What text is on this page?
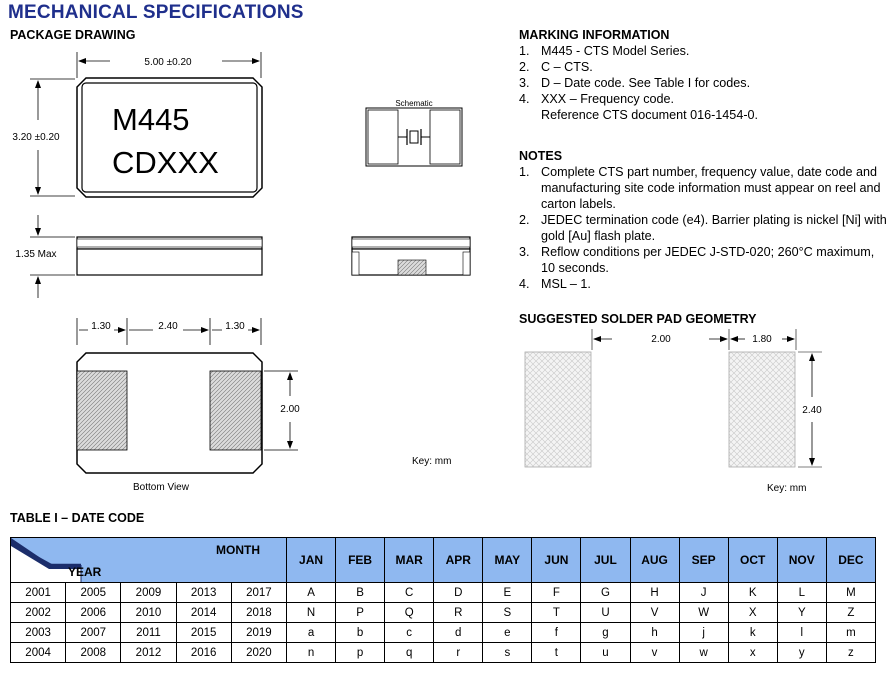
MECHANICAL SPECIFICATIONS
PACKAGE DRAWING
5.00 ±0.20
3.20 ±0.20
M445
CDXXX
Schematic
1.35 Max
1.30	2.40	1.30
2.00
Bottom View
Key: mm
MARKING INFORMATION
1. M445 - CTS Model Series.
2. C – CTS.
3. D – Date code. See Table I for codes.
4. XXX – Frequency code.
Reference CTS document 016-1454-0.
NOTES
1. Complete CTS part number, frequency value, date code and manufacturing site code information must appear on reel and carton labels.
2. JEDEC termination code (e4). Barrier plating is nickel [Ni] with gold [Au] flash plate.
3. Reflow conditions per JEDEC J-STD-020; 260°C maximum, 10 seconds.
4. MSL – 1.
SUGGESTED SOLDER PAD GEOMETRY
2.00	1.80
2.40
Key: mm
TABLE I – DATE CODE
MONTH
YEAR					JAN	FEB	MAR	APR	MAY	JUN	JUL	AUG	SEP	OCT	NOV	DEC
2001	2005	2009	2013	2017	A	B	C	D	E	F	G	H	J	K	L	M
2002	2006	2010	2014	2018	N	P	Q	R	S	T	U	V	W	X	Y	Z
2003	2007	2011	2015	2019	a	b	c	d	e	f	g	h	j	k	l	m
2004	2008	2012	2016	2020	n	p	q	r	s	t	u	v	w	x	y	z
